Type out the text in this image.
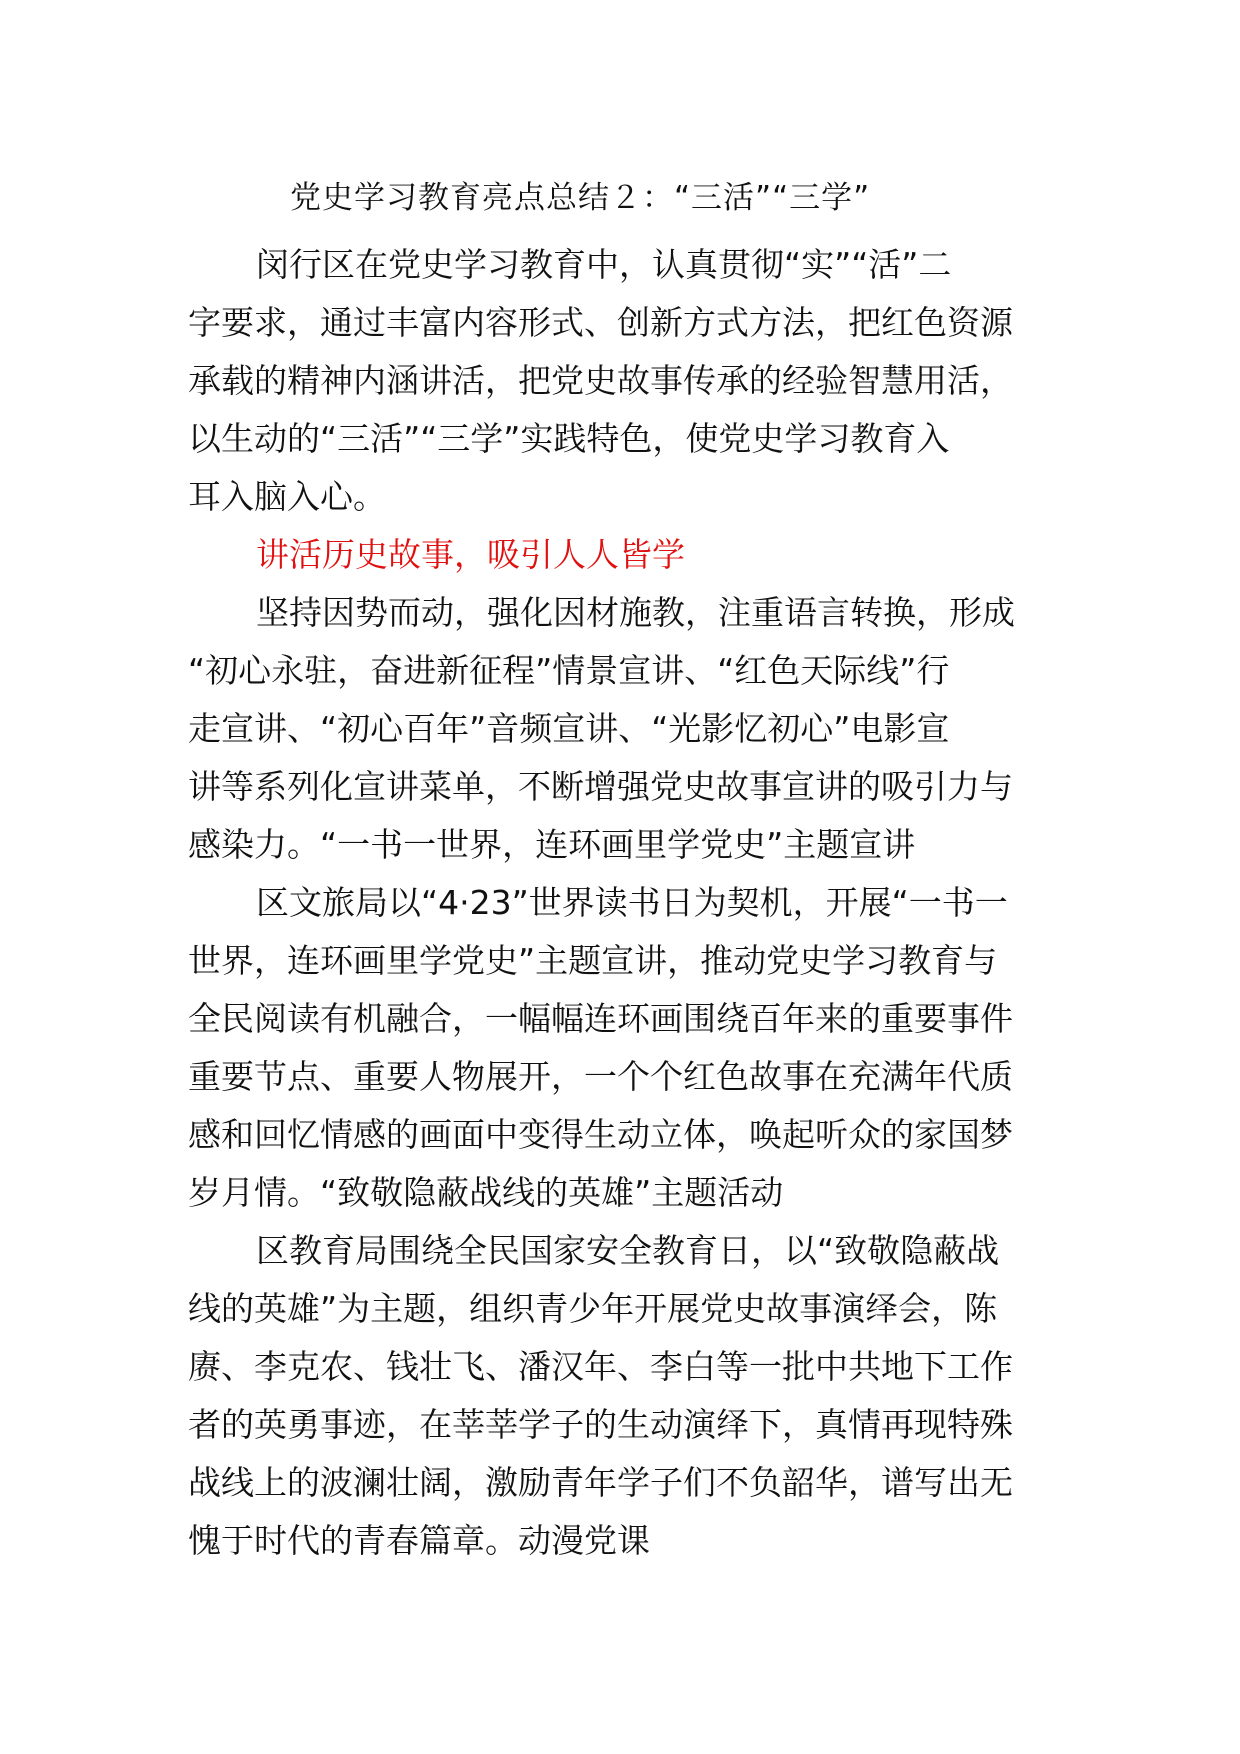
党史学习教育亮点总结２：“三活”“三学”
闵行区在党史学习教育中，认真贯彻“实”“活”二
字要求，通过丰富内容形式、创新方式方法，把红色资源
承载的精神内涵讲活，把党史故事传承的经验智慧用活，
以生动的“三活”“三学”实践特色，使党史学习教育入
耳入脑入心。
讲活历史故事，吸引人人皆学
坚持因势而动，强化因材施教，注重语言转换，形成
“初心永驻，奋进新征程”情景宣讲、“红色天际线”行
走宣讲、“初心百年”音频宣讲、“光影忆初心”电影宣
讲等系列化宣讲菜单，不断增强党史故事宣讲的吸引力与
感染力。“一书一世界，连环画里学党史”主题宣讲
区文旅局以“4·23”世界读书日为契机，开展“一书一
世界，连环画里学党史”主题宣讲，推动党史学习教育与
全民阅读有机融合，一幅幅连环画围绕百年来的重要事件
重要节点、重要人物展开，一个个红色故事在充满年代质
感和回忆情感的画面中变得生动立体，唤起听众的家国梦
岁月情。“致敬隐蔽战线的英雄”主题活动
区教育局围绕全民国家安全教育日，以“致敬隐蔽战
线的英雄”为主题，组织青少年开展党史故事演绎会，陈
赓、李克农、钱壮飞、潘汉年、李白等一批中共地下工作
者的英勇事迹，在莘莘学子的生动演绎下，真情再现特殊
战线上的波澜壮阔，激励青年学子们不负韶华，谱写出无
愧于时代的青春篇章。动漫党课
